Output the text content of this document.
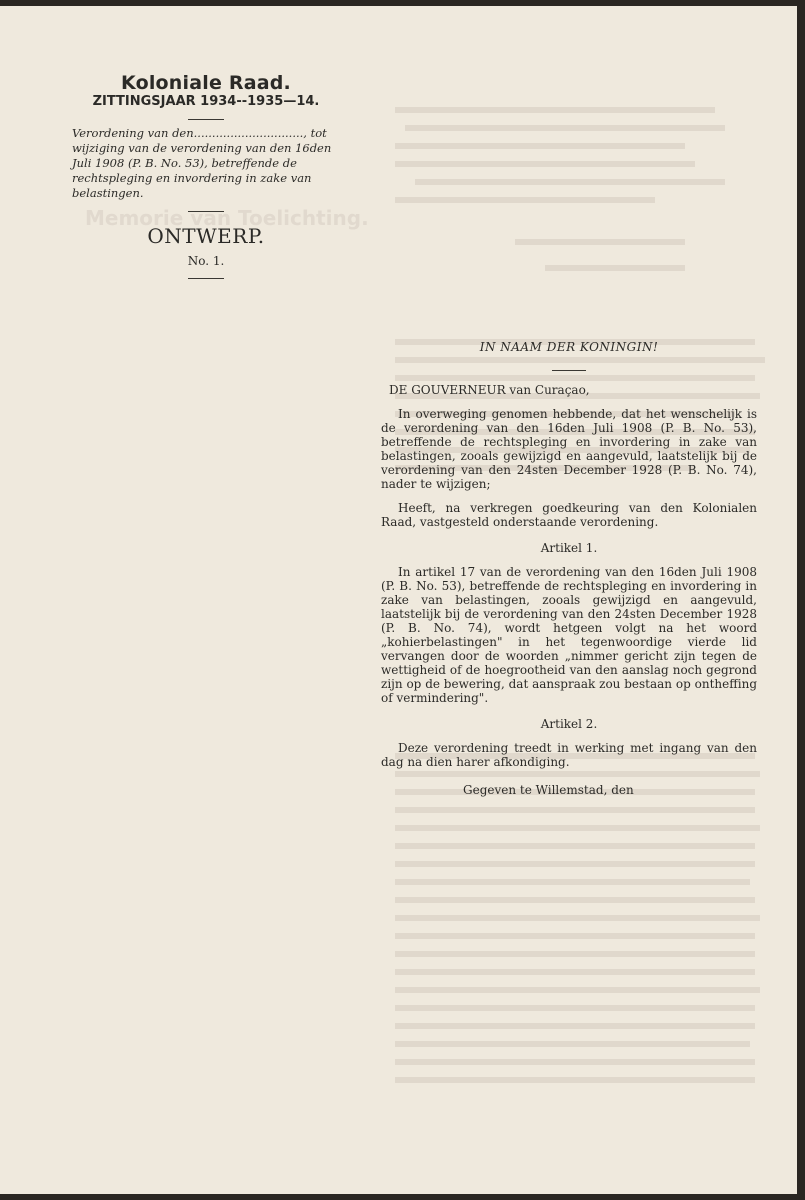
Memorie van Toelichting.
Koloniale Raad.
ZITTINGSJAAR 1934--1935—14.
Verordening van den.............................., tot wijziging van de verordening van den 16den Juli 1908 (P. B. No. 53), betreffende de rechtspleging en invordering in zake van belastingen.
ONTWERP.
No. 1.
IN NAAM DER KONINGIN!
DE GOUVERNEUR van Curaçao,

In overweging genomen hebbende, dat het wenschelijk is de verordening van den 16den Juli 1908 (P. B. No. 53), betreffende de rechtspleging en invordering in zake van belastingen, zooals gewijzigd en aangevuld, laatstelijk bij de verordening van den 24sten December 1928 (P. B. No. 74), nader te wijzigen;

Heeft, na verkregen goedkeuring van den Kolonialen Raad, vastgesteld onderstaande verordening.

Artikel 1.

In artikel 17 van de verordening van den 16den Juli 1908 (P. B. No. 53), betreffende de rechtspleging en invordering in zake van belastingen, zooals gewijzigd en aangevuld, laatstelijk bij de verordening van den 24sten December 1928 (P. B. No. 74), wordt hetgeen volgt na het woord „kohierbelastingen" in het tegenwoordige vierde lid vervangen door de woorden „nimmer gericht zijn tegen de wettigheid of de hoegrootheid van den aanslag noch gegrond zijn op de bewering, dat aanspraak zou bestaan op ontheffing of vermindering".

Artikel 2.

Deze verordening treedt in werking met ingang van den dag na dien harer afkondiging.

Gegeven te Willemstad, den
